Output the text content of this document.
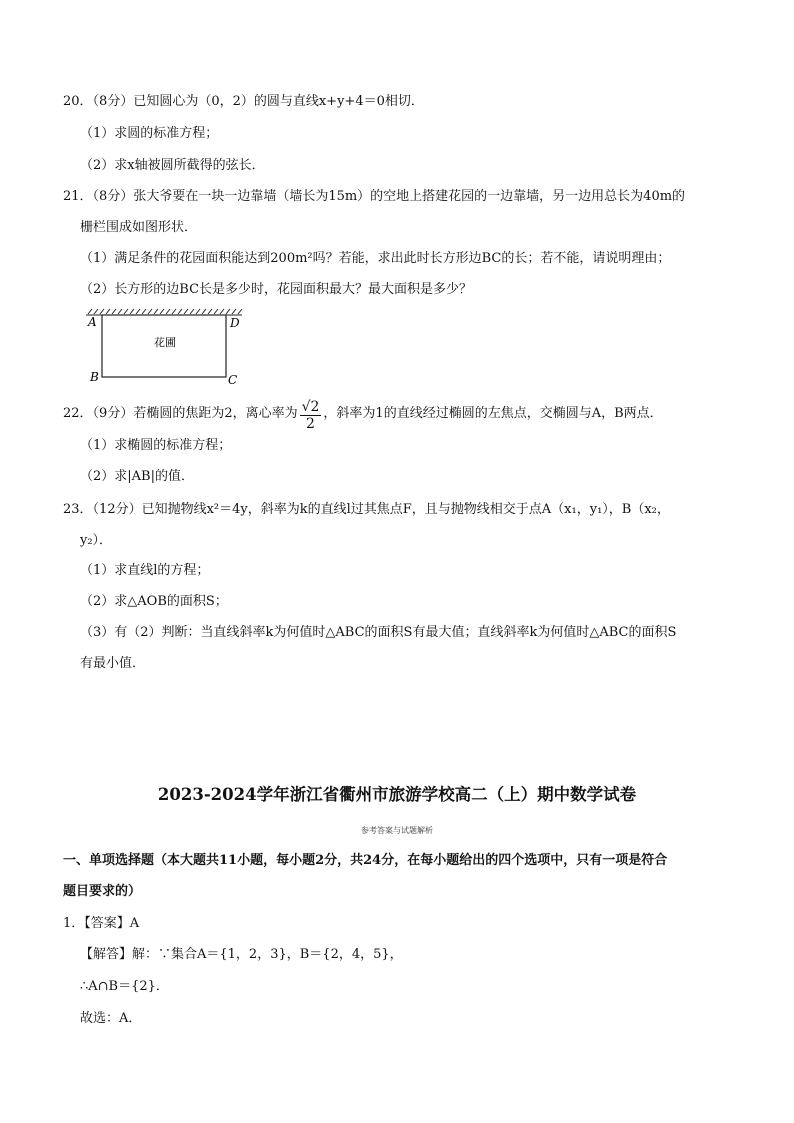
20．（8分）已知圆心为（0，2）的圆与直线x+y+4＝0相切．
（1）求圆的标准方程；
（2）求x轴被圆所截得的弦长．
21．（8分）张大爷要在一块一边靠墙（墙长为15m）的空地上搭建花园的一边靠墙，另一边用总长为40m的
栅栏围成如图形状．
（1）满足条件的花园面积能达到200m²吗？若能，求出此时长方形边BC的长；若不能，请说明理由；
（2）长方形的边BC长是多少时，花园面积最大？最大面积是多少？
A	D
B	C
花圃
22．（9分）若椭圆的焦距为2，离心率为 $\frac{√2}{2}$ ，斜率为1的直线经过椭圆的左焦点，交椭圆与A，B两点．
（1）求椭圆的标准方程；
（2）求|AB|的值．
23．（12分）已知抛物线x²＝4y，斜率为k的直线l过其焦点F，且与抛物线相交于点A（x₁，y₁），B（x₂，
y₂）．
（1）求直线l的方程；
（2）求△AOB的面积S；
（3）有（2）判断：当直线斜率k为何值时△ABC的面积S有最大值；直线斜率k为何值时△ABC的面积S
有最小值．
2023-2024学年浙江省衢州市旅游学校高二（上）期中数学试卷
参考答案与试题解析
一、单项选择题（本大题共11小题，每小题2分，共24分，在每小题给出的四个选项中，只有一项是符合
题目要求的）
1．【答案】A
【解答】解：∵集合A＝{1，2，3}，B＝{2，4，5}，
∴A∩B＝{2}．
故选：A．
